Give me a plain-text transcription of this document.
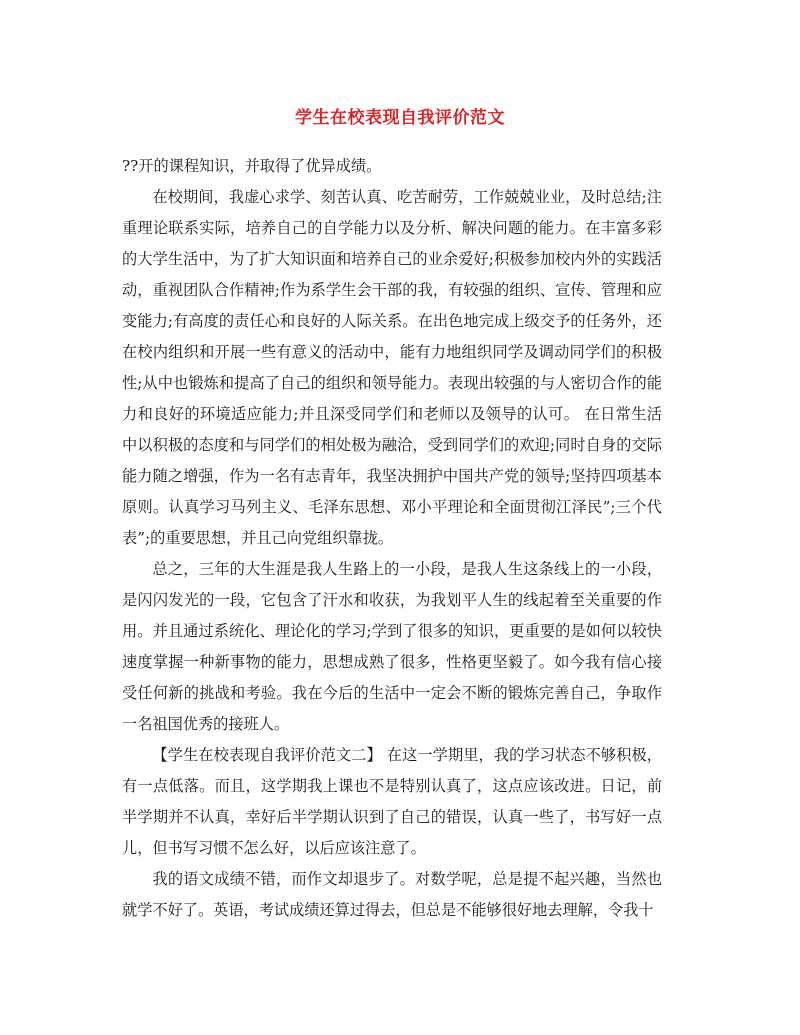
学生在校表现自我评价范文

??开的课程知识，并取得了优异成绩。

在校期间，我虚心求学、刻苦认真、吃苦耐劳，工作兢兢业业，及时总结;注重理论联系实际，培养自己的自学能力以及分析、解决问题的能力。在丰富多彩的大学生活中，为了扩大知识面和培养自己的业余爱好;积极参加校内外的实践活动，重视团队合作精神;作为系学生会干部的我，有较强的组织、宣传、管理和应变能力;有高度的责任心和良好的人际关系。在出色地完成上级交予的任务外，还在校内组织和开展一些有意义的活动中，能有力地组织同学及调动同学们的积极性;从中也锻炼和提高了自己的组织和领导能力。表现出较强的与人密切合作的能力和良好的环境适应能力;并且深受同学们和老师以及领导的认可。 在日常生活中以积极的态度和与同学们的相处极为融洽，受到同学们的欢迎;同时自身的交际能力随之增强，作为一名有志青年，我坚决拥护中国共产党的领导;坚持四项基本原则。认真学习马列主义、毛泽东思想、邓小平理论和全面贯彻江泽民”;三个代表”;的重要思想，并且己向党组织靠拢。

总之，三年的大生涯是我人生路上的一小段，是我人生这条线上的一小段，是闪闪发光的一段，它包含了汗水和收获，为我划平人生的线起着至关重要的作用。并且通过系统化、理论化的学习;学到了很多的知识，更重要的是如何以较快速度掌握一种新事物的能力，思想成熟了很多，性格更坚毅了。如今我有信心接受任何新的挑战和考验。我在今后的生活中一定会不断的锻炼完善自己，争取作一名祖国优秀的接班人。

【学生在校表现自我评价范文二】 在这一学期里，我的学习状态不够积极，有一点低落。而且，这学期我上课也不是特别认真了，这点应该改进。日记，前半学期并不认真，幸好后半学期认识到了自己的错误，认真一些了，书写好一点儿，但书写习惯不怎么好，以后应该注意了。

我的语文成绩不错，而作文却退步了。对数学呢，总是提不起兴趣，当然也就学不好了。英语，考试成绩还算过得去，但总是不能够很好地去理解，令我十
